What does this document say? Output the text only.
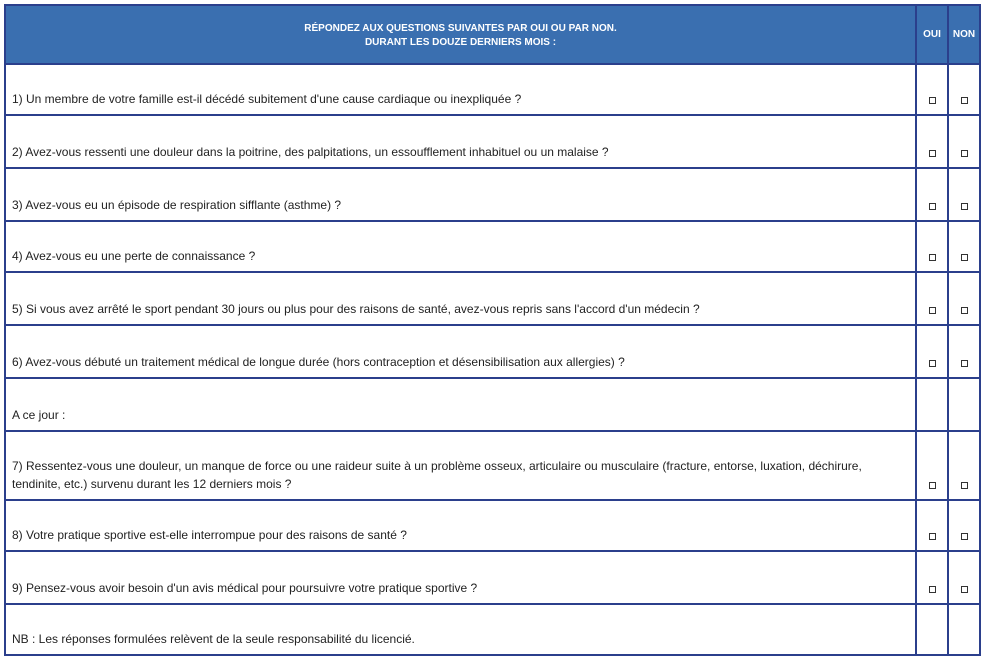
RÉPONDEZ AUX QUESTIONS SUIVANTES PAR OUI OU PAR NON.
DURANT LES DOUZE DERNIERS MOIS :	OUI	NON
1) Un membre de votre famille est-il décédé subitement d'une cause cardiaque ou inexpliquée ?		
2) Avez-vous ressenti une douleur dans la poitrine, des palpitations, un essoufflement inhabituel ou un malaise ?		
3) Avez-vous eu un épisode de respiration sifflante (asthme) ?		
4) Avez-vous eu une perte de connaissance ?		
5) Si vous avez arrêté le sport pendant 30 jours ou plus pour des raisons de santé, avez-vous repris sans l'accord d'un médecin ?		
6) Avez-vous débuté un traitement médical de longue durée (hors contraception et désensibilisation aux allergies) ?		
A ce jour :		
7) Ressentez-vous une douleur, un manque de force ou une raideur suite à un problème osseux, articulaire ou musculaire (fracture, entorse, luxation, déchirure, tendinite, etc.) survenu durant les 12 derniers mois ?		
8) Votre pratique sportive est-elle interrompue pour des raisons de santé ?		
9) Pensez-vous avoir besoin d'un avis médical pour poursuivre votre pratique sportive ?		
NB : Les réponses formulées relèvent de la seule responsabilité du licencié.		
